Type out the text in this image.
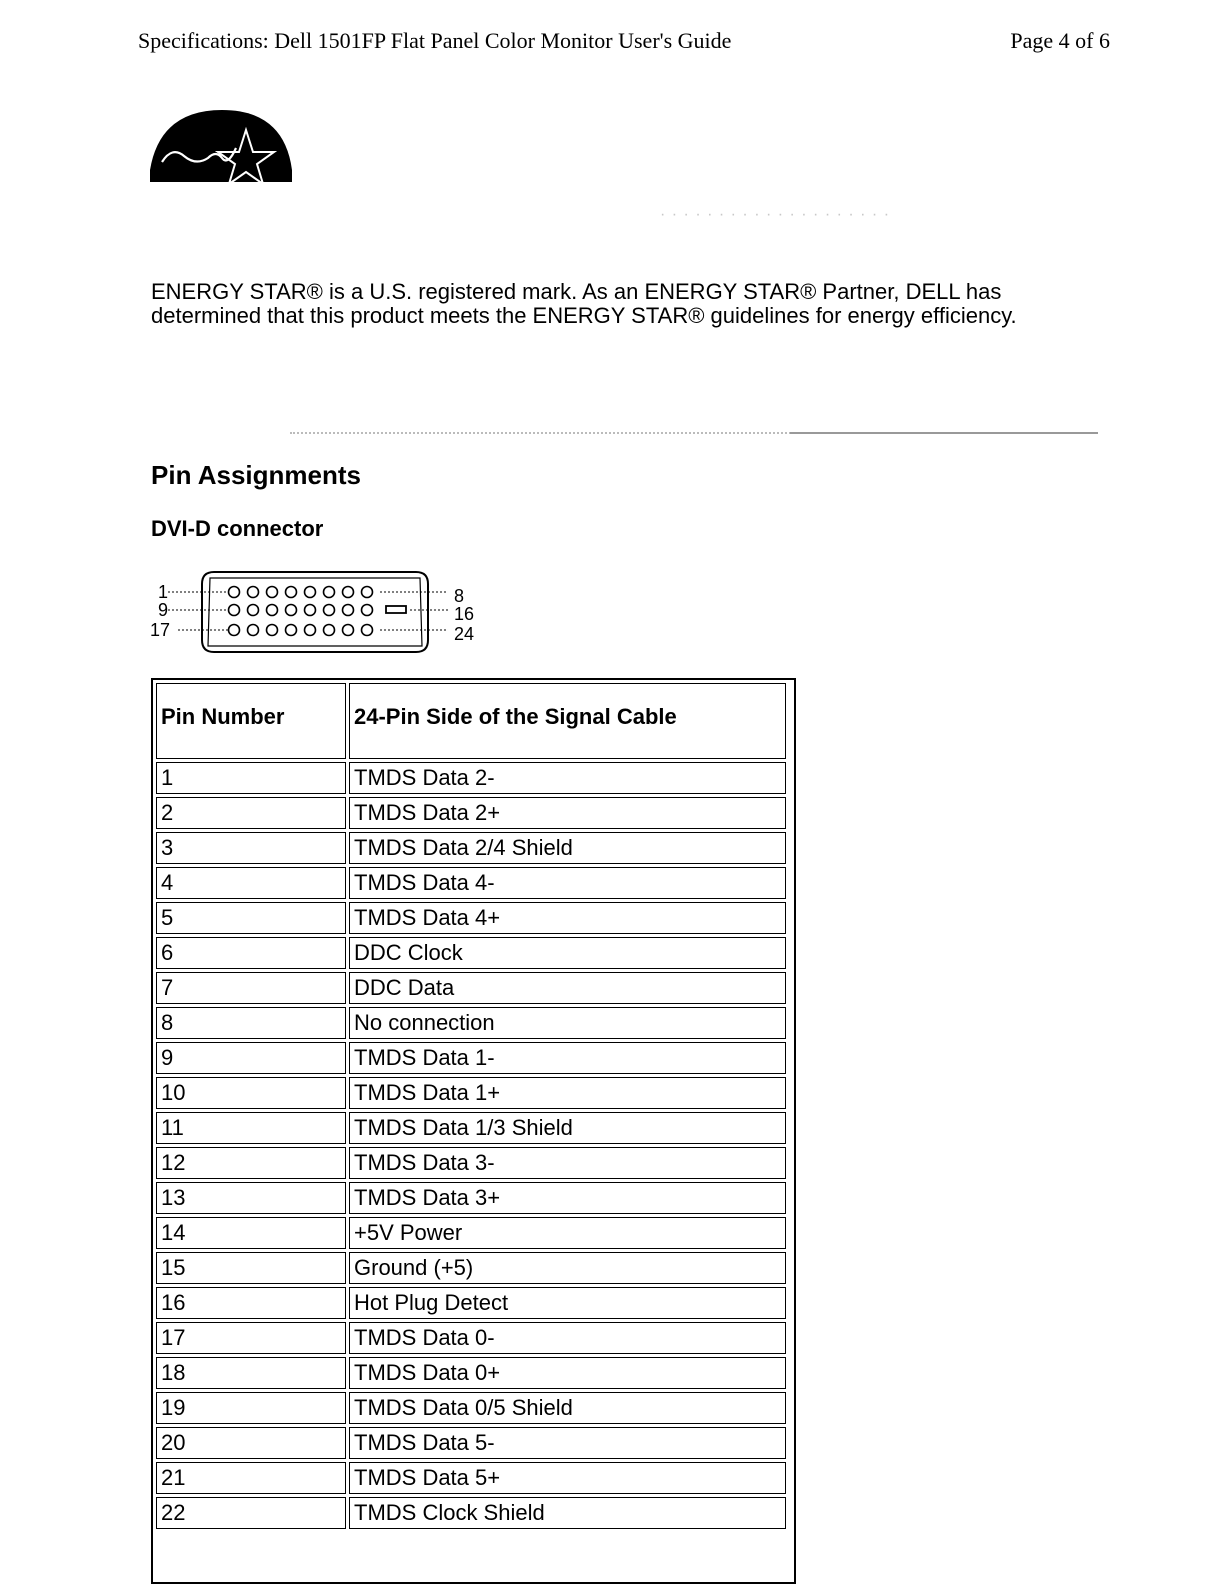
Specifications: Dell 1501FP Flat Panel Color Monitor User's Guide	Page 4 of 6
· · · · · · · · · · · · · · · · · · · ·

ENERGY STAR® is a U.S. registered mark. As an ENERGY STAR® Partner, DELL has determined that this product meets the ENERGY STAR® guidelines for energy efficiency.

Pin Assignments
DVI-D connector
1
9
17
8
16
24
Pin Number	24-Pin Side of the Signal Cable
1	TMDS Data 2-
2	TMDS Data 2+
3	TMDS Data 2/4 Shield
4	TMDS Data 4-
5	TMDS Data 4+
6	DDC Clock
7	DDC Data
8	No connection
9	TMDS Data 1-
10	TMDS Data 1+
11	TMDS Data 1/3 Shield
12	TMDS Data 3-
13	TMDS Data 3+
14	+5V Power
15	Ground (+5)
16	Hot Plug Detect
17	TMDS Data 0-
18	TMDS Data 0+
19	TMDS Data 0/5 Shield
20	TMDS Data 5-
21	TMDS Data 5+
22	TMDS Clock Shield
